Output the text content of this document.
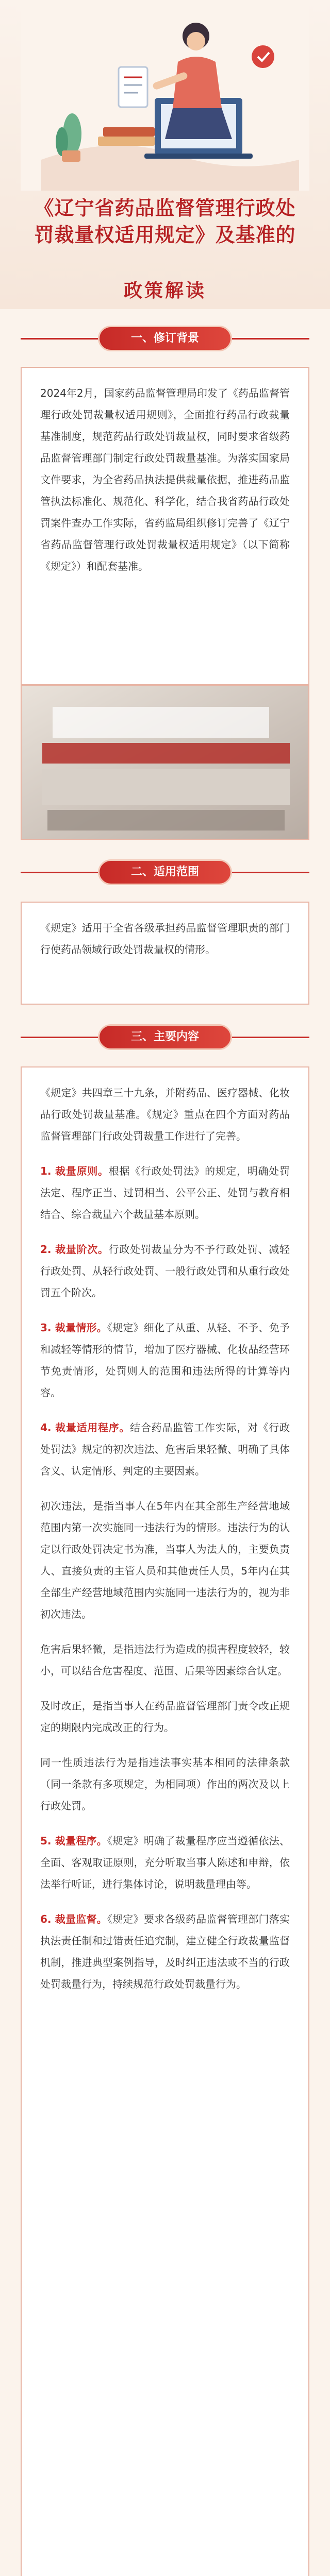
《辽宁省药品监督管理行政处
罚裁量权适用规定》及基准的
政策解读
一、修订背景

2024年2月，国家药品监督管理局印发了《药品监督管理行政处罚裁量权适用规则》，全面推行药品行政裁量基准制度，规范药品行政处罚裁量权，同时要求省级药品监督管理部门制定行政处罚裁量基准。为落实国家局文件要求，为全省药品执法提供裁量依据，推进药品监管执法标准化、规范化、科学化，结合我省药品行政处罚案件查办工作实际，省药监局组织修订完善了《辽宁省药品监督管理行政处罚裁量权适用规定》（以下简称《规定》）和配套基准。

二、适用范围

《规定》适用于全省各级承担药品监督管理职责的部门行使药品领域行政处罚裁量权的情形。

三、主要内容

《规定》共四章三十九条，并附药品、医疗器械、化妆品行政处罚裁量基准。《规定》重点在四个方面对药品监督管理部门行政处罚裁量工作进行了完善。

1. 裁量原则。根据《行政处罚法》的规定，明确处罚法定、程序正当、过罚相当、公平公正、处罚与教育相结合、综合裁量六个裁量基本原则。

2. 裁量阶次。行政处罚裁量分为不予行政处罚、减轻行政处罚、从轻行政处罚、一般行政处罚和从重行政处罚五个阶次。

3. 裁量情形。《规定》细化了从重、从轻、不予、免予和减轻等情形的情节，增加了医疗器械、化妆品经营环节免责情形，处罚则人的范围和违法所得的计算等内容。

4. 裁量适用程序。结合药品监管工作实际，对《行政处罚法》规定的初次违法、危害后果轻微、明确了具体含义、认定情形、判定的主要因素。

初次违法，是指当事人在5年内在其全部生产经营地域范围内第一次实施同一违法行为的情形。违法行为的认定以行政处罚决定书为准，当事人为法人的，主要负责人、直接负责的主管人员和其他责任人员，5年内在其全部生产经营地域范围内实施同一违法行为的，视为非初次违法。

危害后果轻微，是指违法行为造成的损害程度较轻，较小，可以结合危害程度、范围、后果等因素综合认定。

及时改正，是指当事人在药品监督管理部门责令改正规定的期限内完成改正的行为。

同一性质违法行为是指违法事实基本相同的法律条款（同一条款有多项规定，为相同项）作出的两次及以上行政处罚。

5. 裁量程序。《规定》明确了裁量程序应当遵循依法、全面、客观取证原则，充分听取当事人陈述和申辩，依法举行听证，进行集体讨论，说明裁量理由等。

6. 裁量监督。《规定》要求各级药品监督管理部门落实执法责任制和过错责任追究制，建立健全行政裁量监督机制，推进典型案例指导，及时纠正违法或不当的行政处罚裁量行为，持续规范行政处罚裁量行为。
